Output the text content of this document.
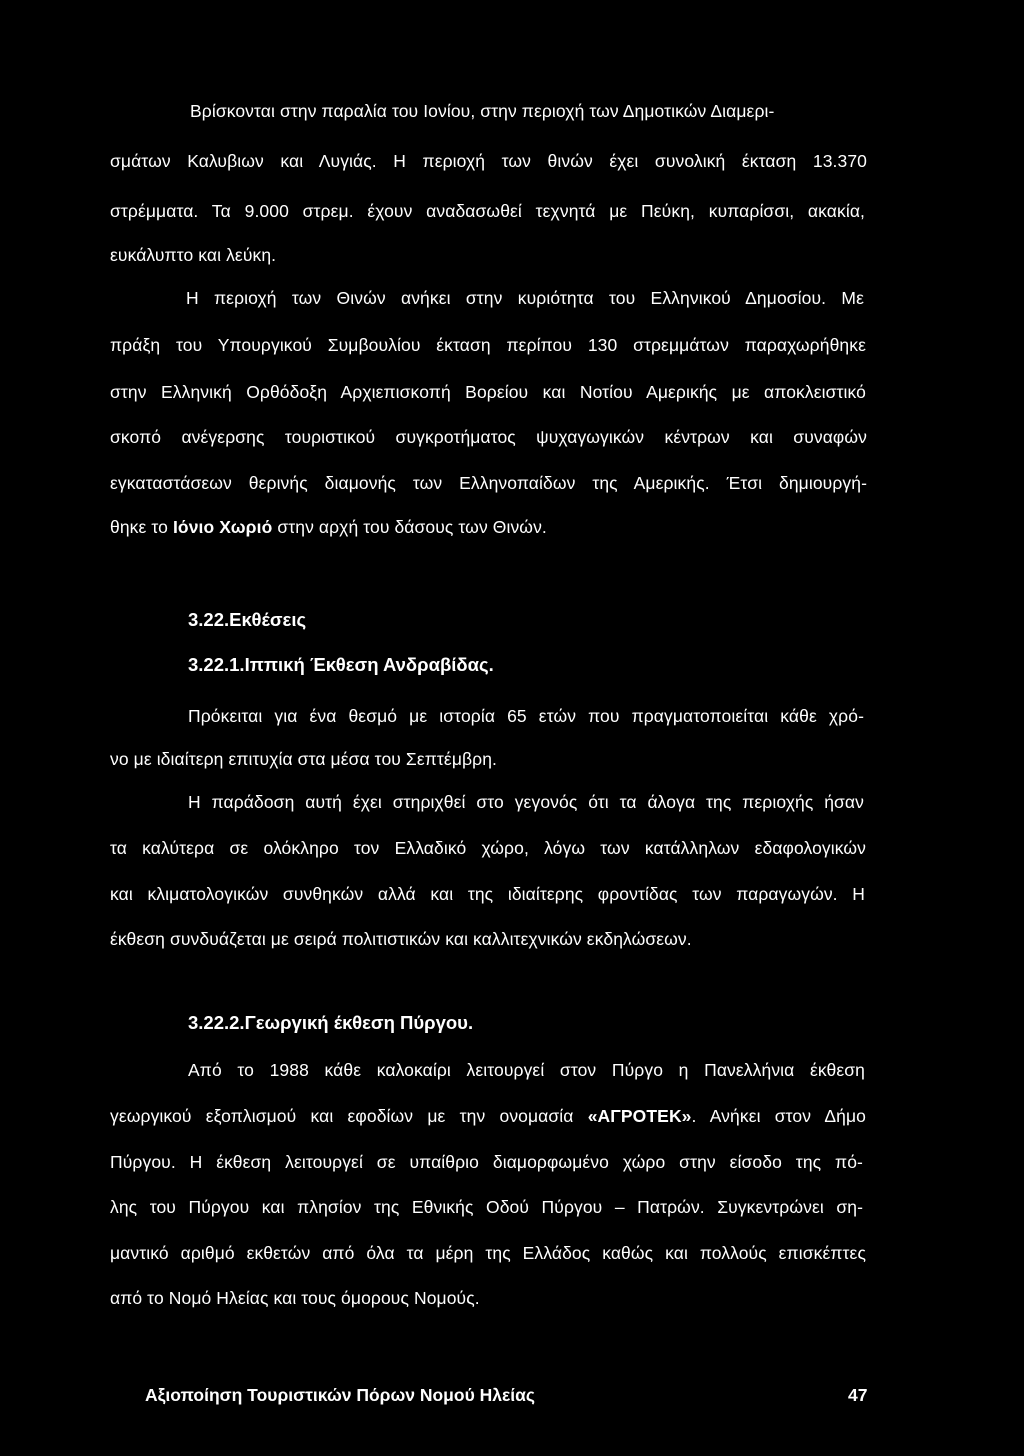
Βρίσκονται στην παραλία του Ιονίου, στην περιοχή των Δημοτικών Διαμερι-
σμάτων Καλυβιων και Λυγιάς. Η περιοχή των θινών έχει συνολική έκταση 13.370
στρέμματα. Τα 9.000 στρεμ. έχουν αναδασωθεί τεχνητά με Πεύκη, κυπαρίσσι, ακακία,
ευκάλυπτο και λεύκη.
Η περιοχή των Θινών ανήκει στην κυριότητα του Ελληνικού Δημοσίου. Με
πράξη του Υπουργικού Συμβουλίου έκταση περίπου 130 στρεμμάτων παραχωρήθηκε
στην Ελληνική Ορθόδοξη Αρχιεπισκοπή Βορείου και Νοτίου Αμερικής με αποκλειστικό
σκοπό ανέγερσης τουριστικού συγκροτήματος ψυχαγωγικών κέντρων και συναφών
εγκαταστάσεων θερινής διαμονής των Ελληνοπαίδων της Αμερικής. Έτσι δημιουργή-
θηκε το Ιόνιο Χωριό στην αρχή του δάσους των Θινών.
3.22.Εκθέσεις
3.22.1.Ιππική Έκθεση Ανδραβίδας.
Πρόκειται για ένα θεσμό με ιστορία 65 ετών που πραγματοποιείται κάθε χρό-
νο με ιδιαίτερη επιτυχία στα μέσα του Σεπτέμβρη.
Η παράδοση αυτή έχει στηριχθεί στο γεγονός ότι τα άλογα της περιοχής ήσαν
τα καλύτερα σε ολόκληρο τον Ελλαδικό χώρο, λόγω των κατάλληλων εδαφολογικών
και κλιματολογικών συνθηκών αλλά και της ιδιαίτερης φροντίδας των παραγωγών. Η
έκθεση συνδυάζεται με σειρά πολιτιστικών και καλλιτεχνικών εκδηλώσεων.
3.22.2.Γεωργική έκθεση Πύργου.
Από το 1988 κάθε καλοκαίρι λειτουργεί στον Πύργο η Πανελλήνια έκθεση
γεωργικού εξοπλισμού και εφοδίων με την ονομασία «ΑΓΡΟΤΕΚ». Ανήκει στον Δήμο
Πύργου. Η έκθεση λειτουργεί σε υπαίθριο διαμορφωμένο χώρο στην είσοδο της πό-
λης του Πύργου και πλησίον της Εθνικής Οδού Πύργου – Πατρών. Συγκεντρώνει ση-
μαντικό αριθμό εκθετών από όλα τα μέρη της Ελλάδος καθώς και πολλούς επισκέπτες
από το Νομό Ηλείας και τους όμορους Νομούς.
Αξιοποίηση Τουριστικών Πόρων Νομού Ηλείας	47
